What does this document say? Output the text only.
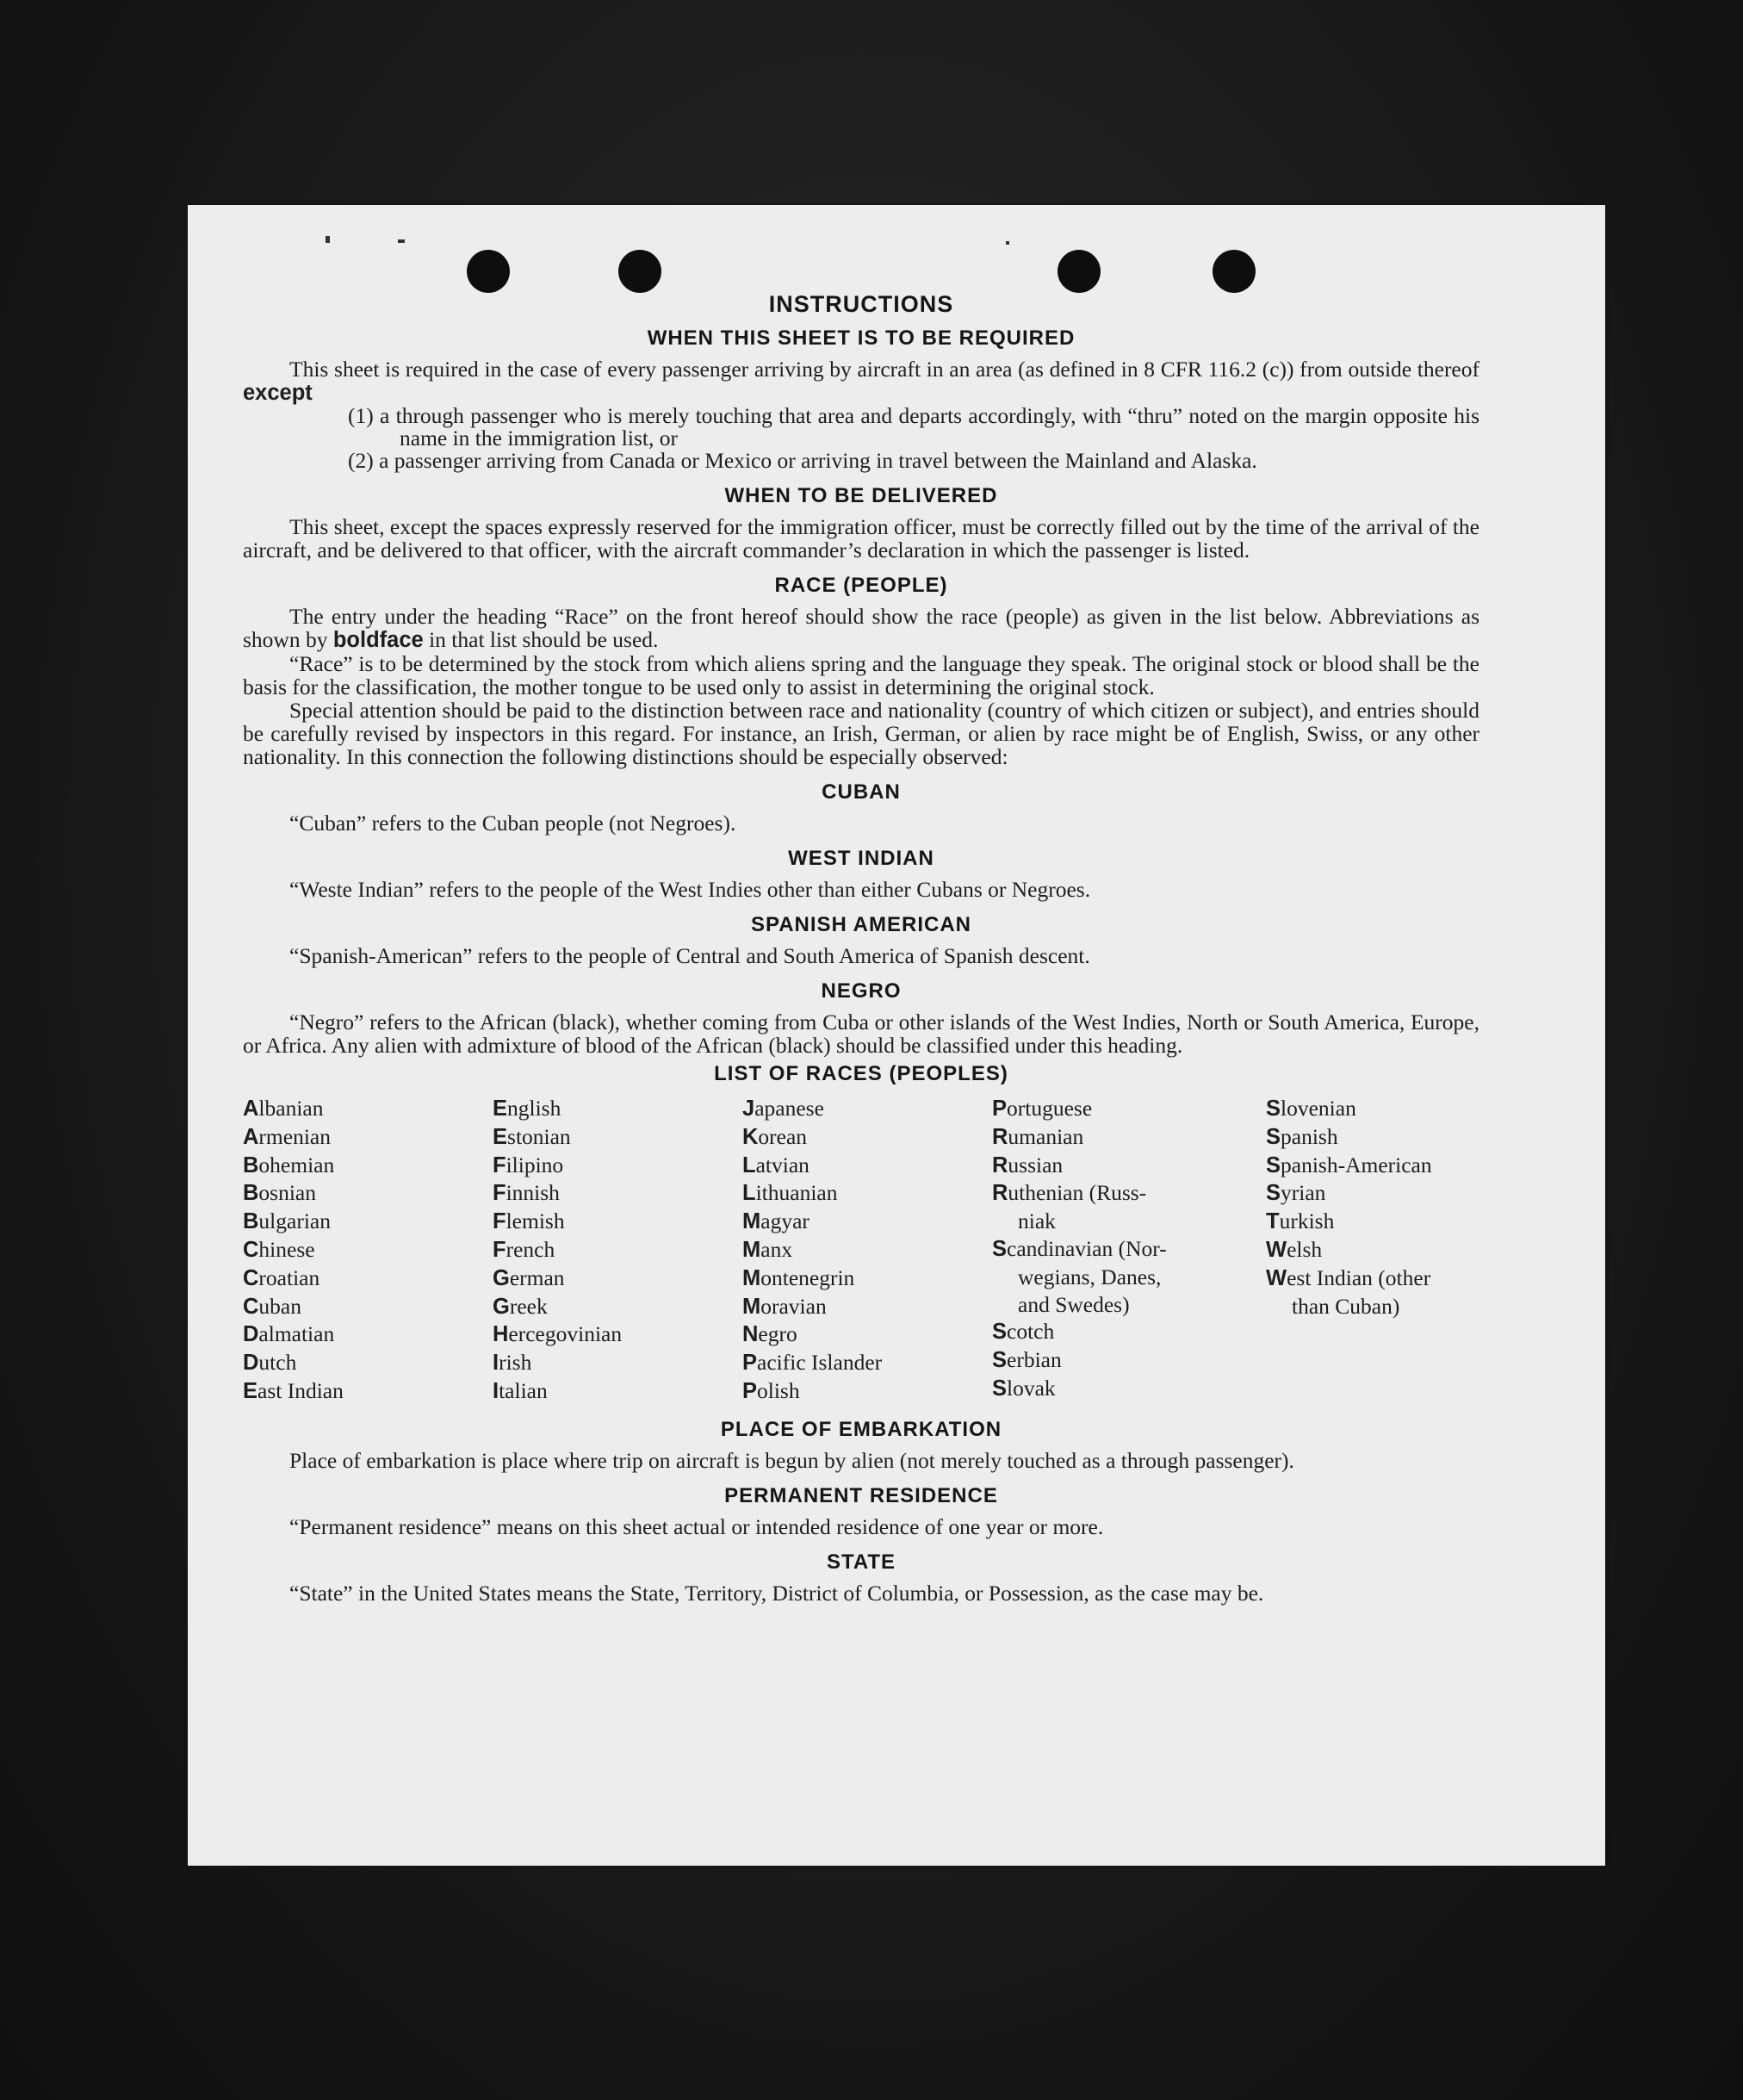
INSTRUCTIONS
WHEN THIS SHEET IS TO BE REQUIRED

This sheet is required in the case of every passenger arriving by aircraft in an area (as defined in 8 CFR 116.2 (c)) from outside thereof except

(1) a through passenger who is merely touching that area and departs accordingly, with “thru” noted on the margin opposite his name in the immigration list, or
(2) a passenger arriving from Canada or Mexico or arriving in travel between the Mainland and Alaska.
WHEN TO BE DELIVERED

This sheet, except the spaces expressly reserved for the immigration officer, must be correctly filled out by the time of the arrival of the aircraft, and be delivered to that officer, with the aircraft commander’s declaration in which the passenger is listed.

RACE (PEOPLE)

The entry under the heading “Race” on the front hereof should show the race (people) as given in the list below. Abbreviations as shown by boldface in that list should be used.

“Race” is to be determined by the stock from which aliens spring and the language they speak. The original stock or blood shall be the basis for the classification, the mother tongue to be used only to assist in determining the original stock.

Special attention should be paid to the distinction between race and nationality (country of which citizen or subject), and entries should be carefully revised by inspectors in this regard. For instance, an Irish, German, or alien by race might be of English, Swiss, or any other nationality. In this connection the following distinctions should be especially observed:

CUBAN

“Cuban” refers to the Cuban people (not Negroes).

WEST INDIAN

“Weste Indian” refers to the people of the West Indies other than either Cubans or Negroes.

SPANISH AMERICAN

“Spanish-American” refers to the people of Central and South America of Spanish descent.

NEGRO

“Negro” refers to the African (black), whether coming from Cuba or other islands of the West Indies, North or South America, Europe, or Africa. Any alien with admixture of blood of the African (black) should be classified under this heading.

LIST OF RACES (PEOPLES)
Albanian
Armenian
Bohemian
Bosnian
Bulgarian
Chinese
Croatian
Cuban
Dalmatian
Dutch
East Indian
English
Estonian
Filipino
Finnish
Flemish
French
German
Greek
Hercegovinian
Irish
Italian
Japanese
Korean
Latvian
Lithuanian
Magyar
Manx
Montenegrin
Moravian
Negro
Pacific Islander
Polish
Portuguese
Rumanian
Russian
Ruthenian (Russ-
niak
Scandinavian (Nor-
wegians, Danes,
and Swedes)
Scotch
Serbian
Slovak
Slovenian
Spanish
Spanish-American
Syrian
Turkish
Welsh
West Indian (other
than Cuban)
PLACE OF EMBARKATION

Place of embarkation is place where trip on aircraft is begun by alien (not merely touched as a through passenger).

PERMANENT RESIDENCE

“Permanent residence” means on this sheet actual or intended residence of one year or more.

STATE

“State” in the United States means the State, Territory, District of Columbia, or Possession, as the case may be.
